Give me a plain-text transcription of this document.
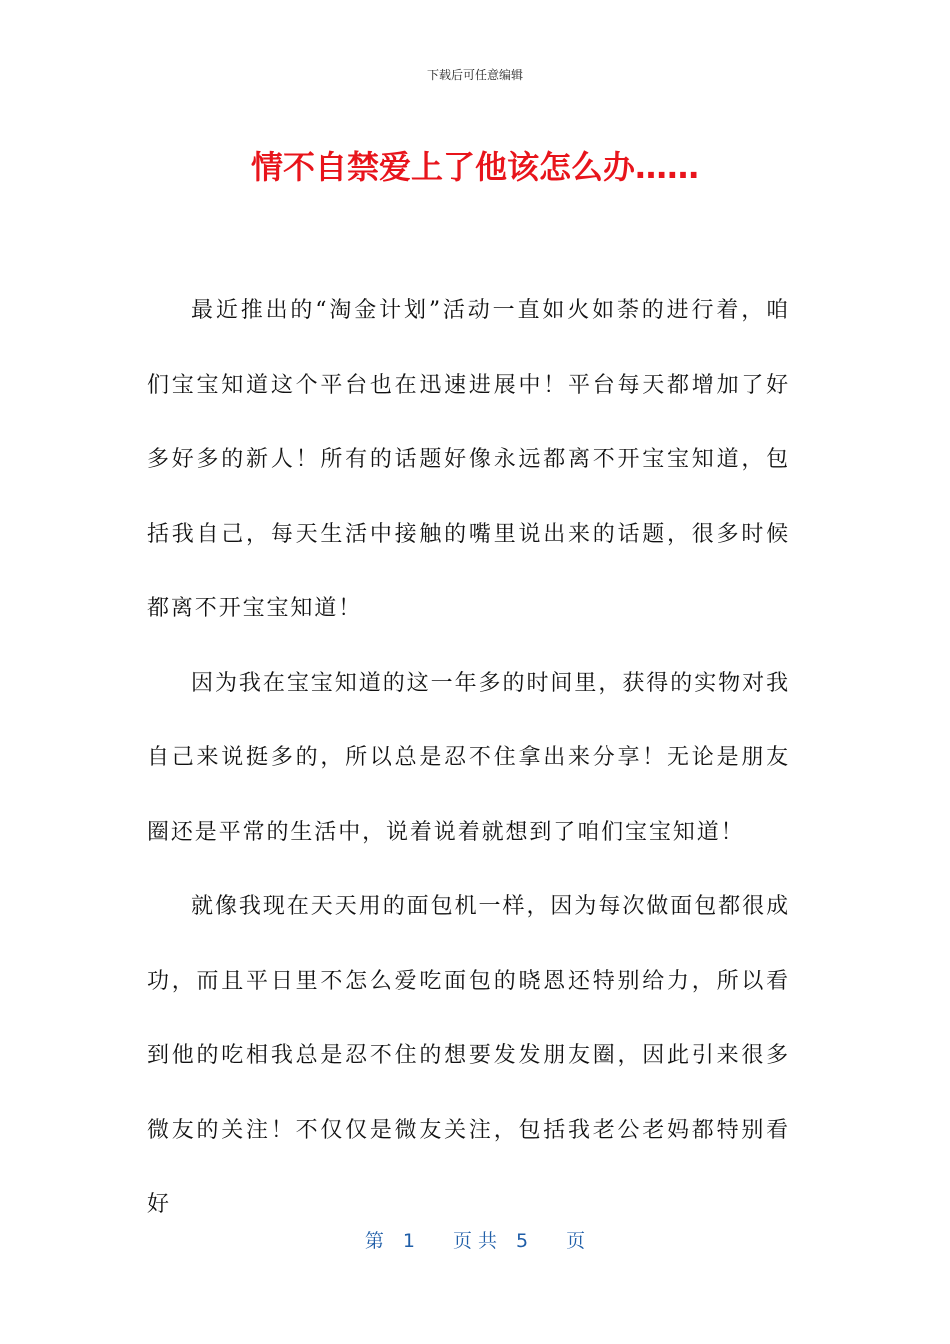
下载后可任意编辑
情不自禁爱上了他该怎么办……

最近推出的“淘金计划”活动一直如火如荼的进行着，咱们宝宝知道这个平台也在迅速进展中！平台每天都增加了好多好多的新人！所有的话题好像永远都离不开宝宝知道，包括我自己，每天生活中接触的嘴里说出来的话题，很多时候都离不开宝宝知道！

因为我在宝宝知道的这一年多的时间里，获得的实物对我自己来说挺多的，所以总是忍不住拿出来分享！无论是朋友圈还是平常的生活中，说着说着就想到了咱们宝宝知道！

就像我现在天天用的面包机一样，因为每次做面包都很成功，而且平日里不怎么爱吃面包的晓恩还特别给力，所以看到他的吃相我总是忍不住的想要发发朋友圈，因此引来很多微友的关注！不仅仅是微友关注，包括我老公老妈都特别看好

第　1　　页 共　5　　页
